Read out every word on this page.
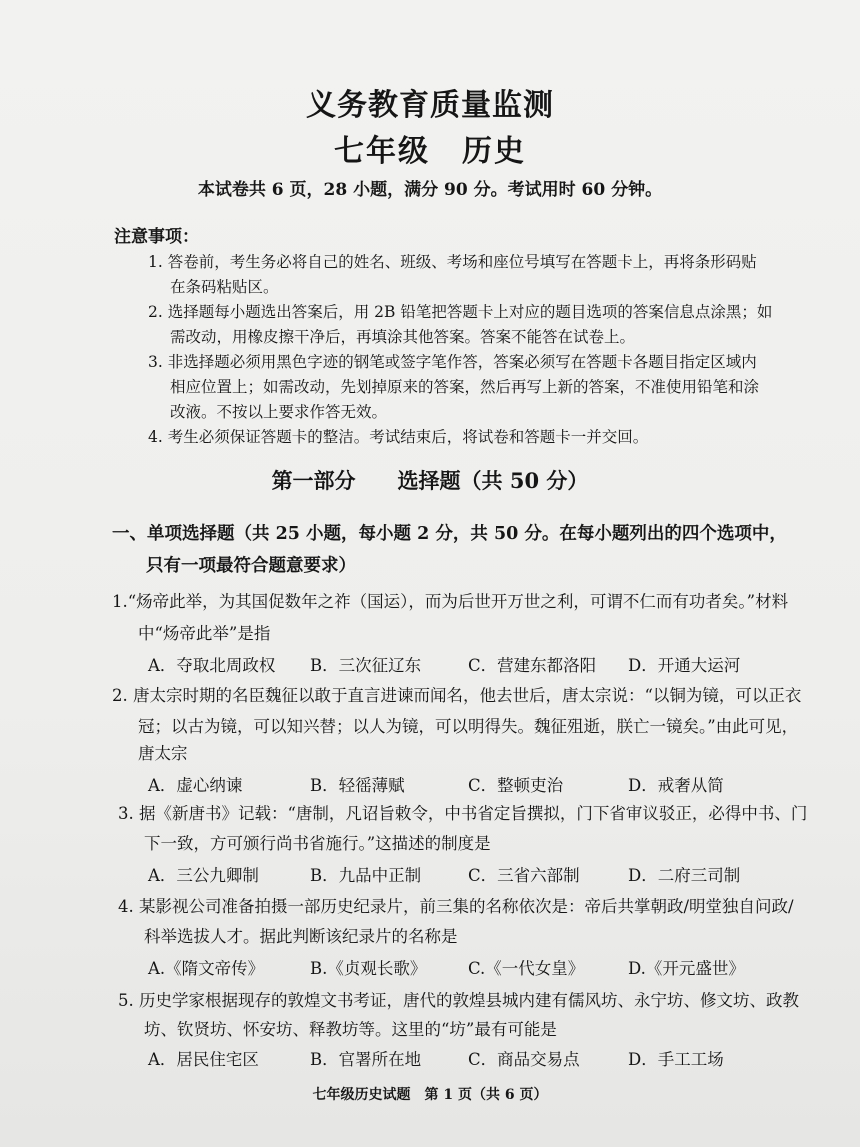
义务教育质量监测
七年级　历史
本试卷共 6 页，28 小题，满分 90 分。考试用时 60 分钟。
注意事项：
1. 答卷前，考生务必将自己的姓名、班级、考场和座位号填写在答题卡上，再将条形码贴
在条码粘贴区。
2. 选择题每小题选出答案后，用 2B 铅笔把答题卡上对应的题目选项的答案信息点涂黑；如
需改动，用橡皮擦干净后，再填涂其他答案。答案不能答在试卷上。
3. 非选择题必须用黑色字迹的钢笔或签字笔作答，答案必须写在答题卡各题目指定区域内
相应位置上；如需改动，先划掉原来的答案，然后再写上新的答案，不准使用铅笔和涂
改液。不按以上要求作答无效。
4. 考生必须保证答题卡的整洁。考试结束后，将试卷和答题卡一并交回。
第一部分　　选择题（共 50 分）
一、单项选择题（共 25 小题，每小题 2 分，共 50 分。在每小题列出的四个选项中，
只有一项最符合题意要求）
1.“炀帝此举，为其国促数年之祚（国运），而为后世开万世之利，可谓不仁而有功者矣。”材料
中“炀帝此举”是指
A．夺取北周政权 B．三次征辽东	C．营建东都洛阳 D．开通大运河
2. 唐太宗时期的名臣魏征以敢于直言进谏而闻名，他去世后，唐太宗说：“以铜为镜，可以正衣
冠；以古为镜，可以知兴替；以人为镜，可以明得失。魏征殂逝，朕亡一镜矣。”由此可见，
唐太宗
A．虚心纳谏	B．轻徭薄赋	C．整顿吏治	D．戒奢从简
3. 据《新唐书》记载：“唐制，凡诏旨敕令，中书省定旨撰拟，门下省审议驳正，必得中书、门
下一致，方可颁行尚书省施行。”这描述的制度是
A．三公九卿制	B．九品中正制	C．三省六部制	D．二府三司制
4. 某影视公司准备拍摄一部历史纪录片，前三集的名称依次是：帝后共掌朝政/明堂独自问政/
科举选拔人才。据此判断该纪录片的名称是
A.《隋文帝传》	B.《贞观长歌》	C.《一代女皇》	D.《开元盛世》
5. 历史学家根据现存的敦煌文书考证，唐代的敦煌县城内建有儒风坊、永宁坊、修文坊、政教
坊、钦贤坊、怀安坊、释教坊等。这里的“坊”最有可能是
A．居民住宅区	B．官署所在地	C．商品交易点	D．手工工场
七年级历史试题　第 1 页（共 6 页）
